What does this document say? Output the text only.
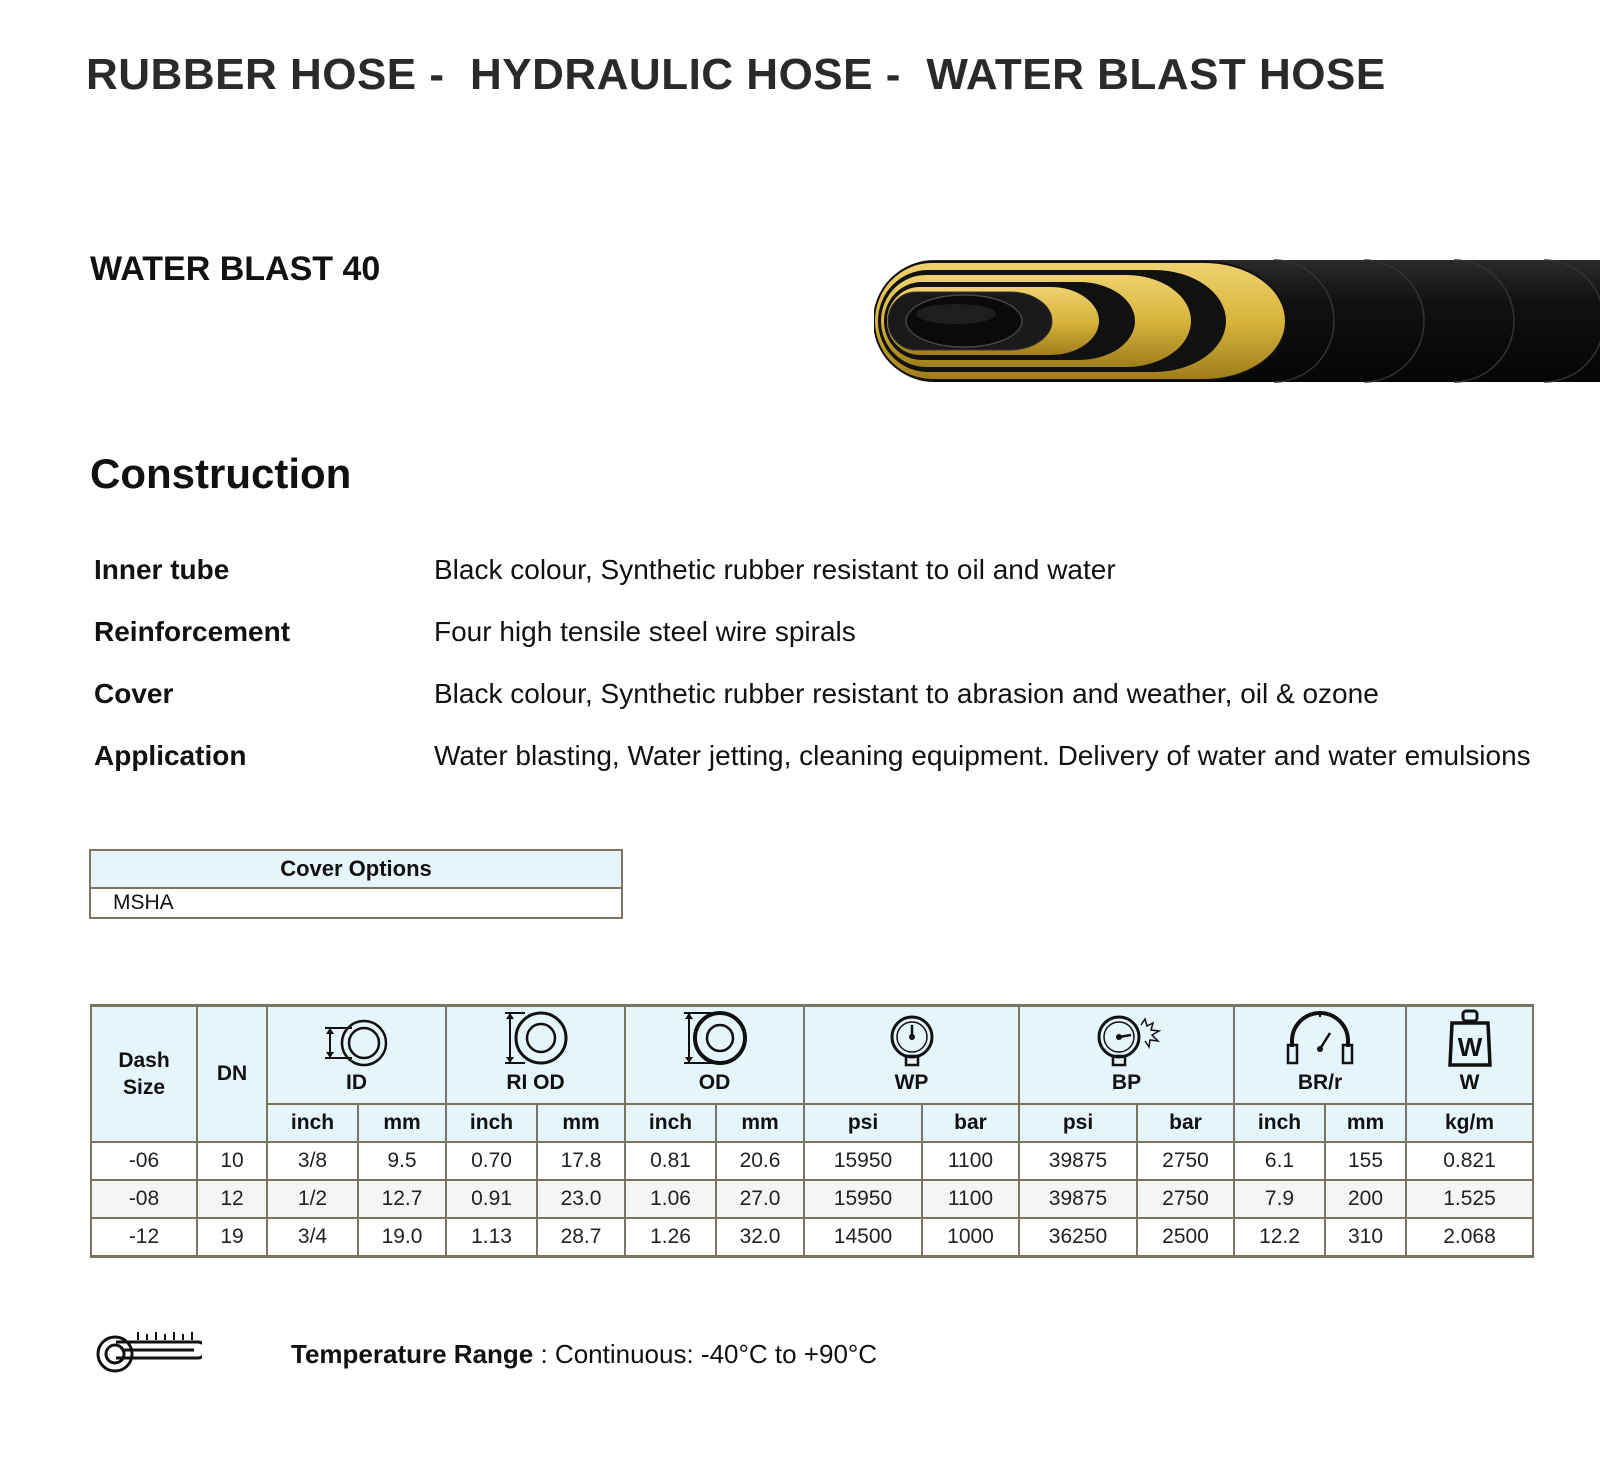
RUBBER HOSE -  HYDRAULIC HOSE -  WATER BLAST HOSE
WATER BLAST 40
Construction
Inner tube	Black colour, Synthetic rubber resistant to oil and water
Reinforcement	Four high tensile steel wire spirals
Cover	Black colour, Synthetic rubber resistant to abrasion and weather, oil & ozone
Application	Water blasting, Water jetting, cleaning equipment. Delivery of water and water emulsions
Cover Options
MSHA
Dash Size	DN	ID		RI OD		OD		WP		BP		BR/r		W
W

		inch	mm	inch	mm	inch	mm	psi	bar	psi	bar	inch	mm	kg/m
-06	10	3/8	9.5	0.70	17.8	0.81	20.6	15950	1100	39875	2750	6.1	155	0.821
-08	12	1/2	12.7	0.91	23.0	1.06	27.0	15950	1100	39875	2750	7.9	200	1.525
-12	19	3/4	19.0	1.13	28.7	1.26	32.0	14500	1000	36250	2500	12.2	310	2.068
Temperature Range : Continuous: -40°C to +90°C
